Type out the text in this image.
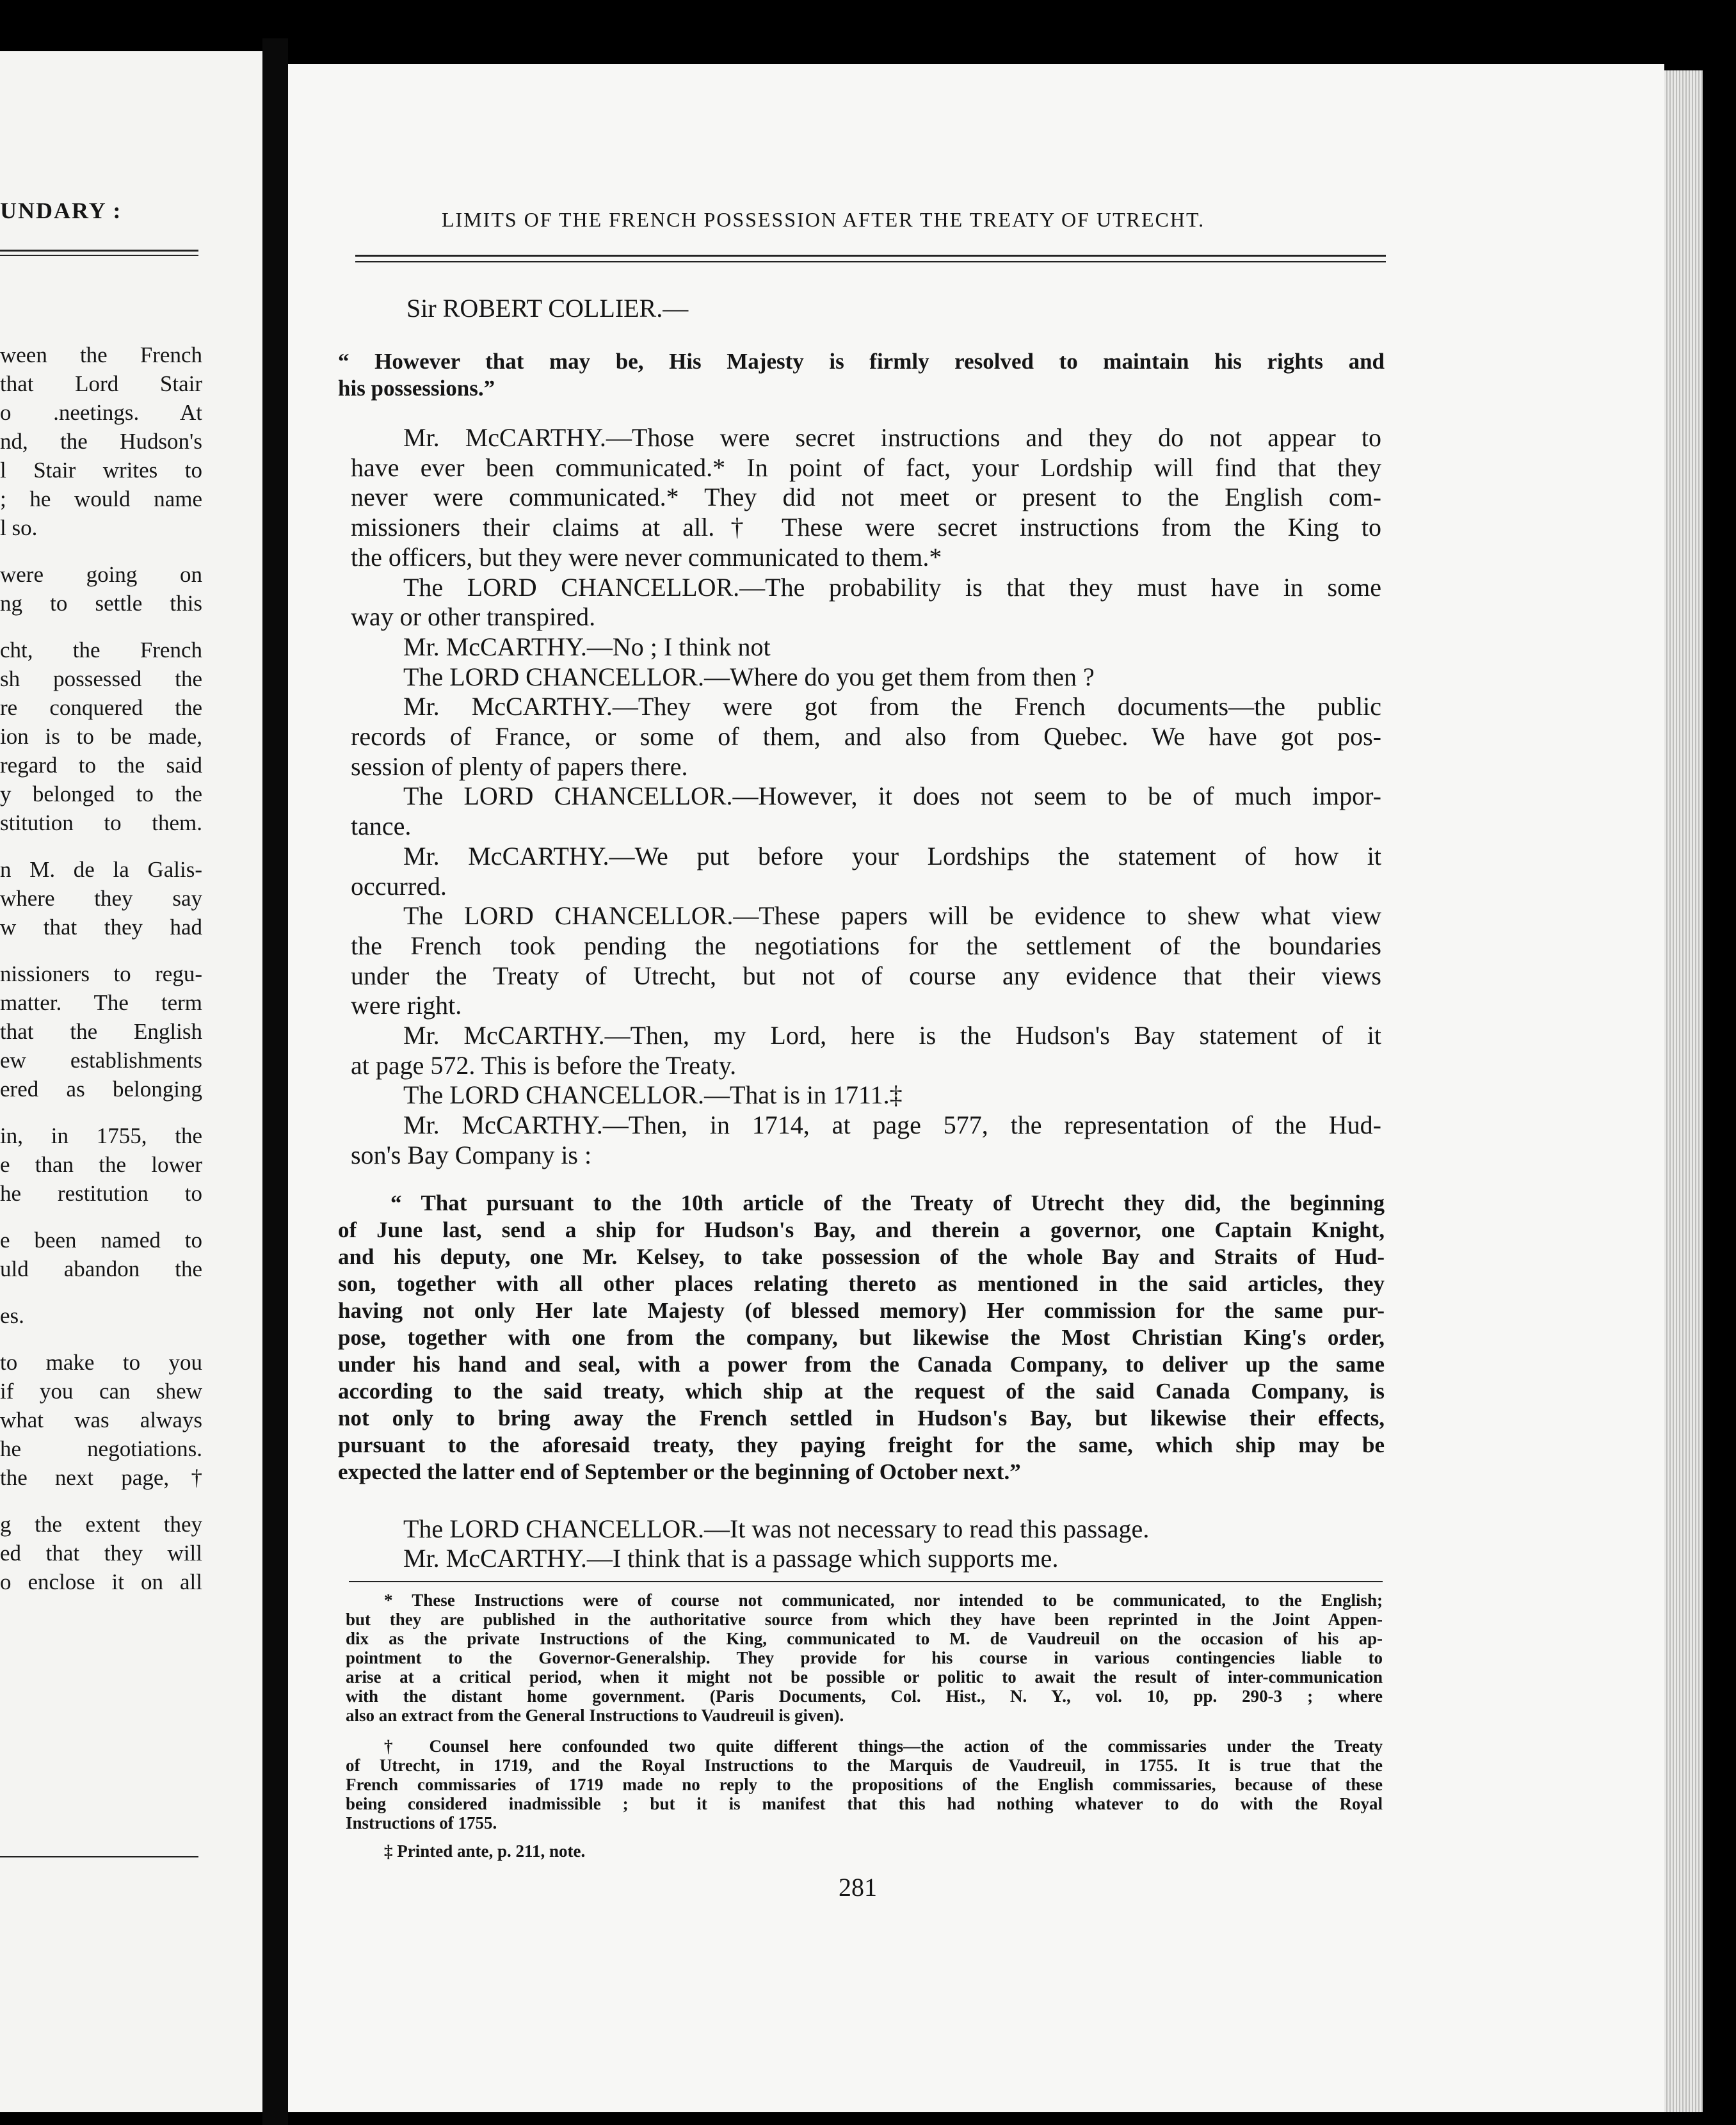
UNDARY :
ween the French
that Lord Stair
o .neetings. At
nd, the Hudson's
l Stair writes to
; he would name
l so.
were going on
ng to settle this
cht, the French
sh possessed the
re conquered the
ion is to be made,
regard to the said
y belonged to the
stitution to them.
n M. de la Galis-
where they say
w that they had
nissioners to regu-
matter. The term
that the English
ew establishments
ered as belonging
in, in 1755, the
e than the lower
he restitution to
e been named to
uld abandon the
es.
to make to you
if you can shew
what was always
he negotiations.
the next page,†
g the extent they
ed that they will
o enclose it on all
LIMITS OF THE FRENCH POSSESSION AFTER THE TREATY OF UTRECHT.
Sir ROBERT COLLIER.—
“ However that may be, His Majesty is firmly resolved to maintain his rights and
his possessions.”
Mr. McCARTHY.—Those were secret instructions and they do not appear to
have ever been communicated.* In point of fact, your Lordship will find that they
never were communicated.* They did not meet or present to the English com-
missioners their claims at all.† These were secret instructions from the King to
the officers, but they were never communicated to them.*
The LORD CHANCELLOR.—The probability is that they must have in some
way or other transpired.
Mr. McCARTHY.—No ; I think not
The LORD CHANCELLOR.—Where do you get them from then ?
Mr. McCARTHY.—They were got from the French documents—the public
records of France, or some of them, and also from Quebec. We have got pos-
session of plenty of papers there.
The LORD CHANCELLOR.—However, it does not seem to be of much impor-
tance.
Mr. McCARTHY.—We put before your Lordships the statement of how it
occurred.
The LORD CHANCELLOR.—These papers will be evidence to shew what view
the French took pending the negotiations for the settlement of the boundaries
under the Treaty of Utrecht, but not of course any evidence that their views
were right.
Mr. McCARTHY.—Then, my Lord, here is the Hudson's Bay statement of it
at page 572. This is before the Treaty.
The LORD CHANCELLOR.—That is in 1711.‡
Mr. McCARTHY.—Then, in 1714, at page 577, the representation of the Hud-
son's Bay Company is :
“ That pursuant to the 10th article of the Treaty of Utrecht they did, the beginning
of June last, send a ship for Hudson's Bay, and therein a governor, one Captain Knight,
and his deputy, one Mr. Kelsey, to take possession of the whole Bay and Straits of Hud-
son, together with all other places relating thereto as mentioned in the said articles, they
having not only Her late Majesty (of blessed memory) Her commission for the same pur-
pose, together with one from the company, but likewise the Most Christian King's order,
under his hand and seal, with a power from the Canada Company, to deliver up the same
according to the said treaty, which ship at the request of the said Canada Company, is
not only to bring away the French settled in Hudson's Bay, but likewise their effects,
pursuant to the aforesaid treaty, they paying freight for the same, which ship may be
expected the latter end of September or the beginning of October next.”
The LORD CHANCELLOR.—It was not necessary to read this passage.
Mr. McCARTHY.—I think that is a passage which supports me.
* These Instructions were of course not communicated, nor intended to be communicated, to the English;
but they are published in the authoritative source from which they have been reprinted in the Joint Appen-
dix as the private Instructions of the King, communicated to M. de Vaudreuil on the occasion of his ap-
pointment to the Governor-Generalship. They provide for his course in various contingencies liable to
arise at a critical period, when it might not be possible or politic to await the result of inter-communication
with the distant home government. (Paris Documents, Col. Hist., N. Y., vol. 10, pp. 290-3 ; where
also an extract from the General Instructions to Vaudreuil is given).
† Counsel here confounded two quite different things—the action of the commissaries under the Treaty
of Utrecht, in 1719, and the Royal Instructions to the Marquis de Vaudreuil, in 1755. It is true that the
French commissaries of 1719 made no reply to the propositions of the English commissaries, because of these
being considered inadmissible ; but it is manifest that this had nothing whatever to do with the Royal
Instructions of 1755.
‡ Printed ante, p. 211, note.
281
